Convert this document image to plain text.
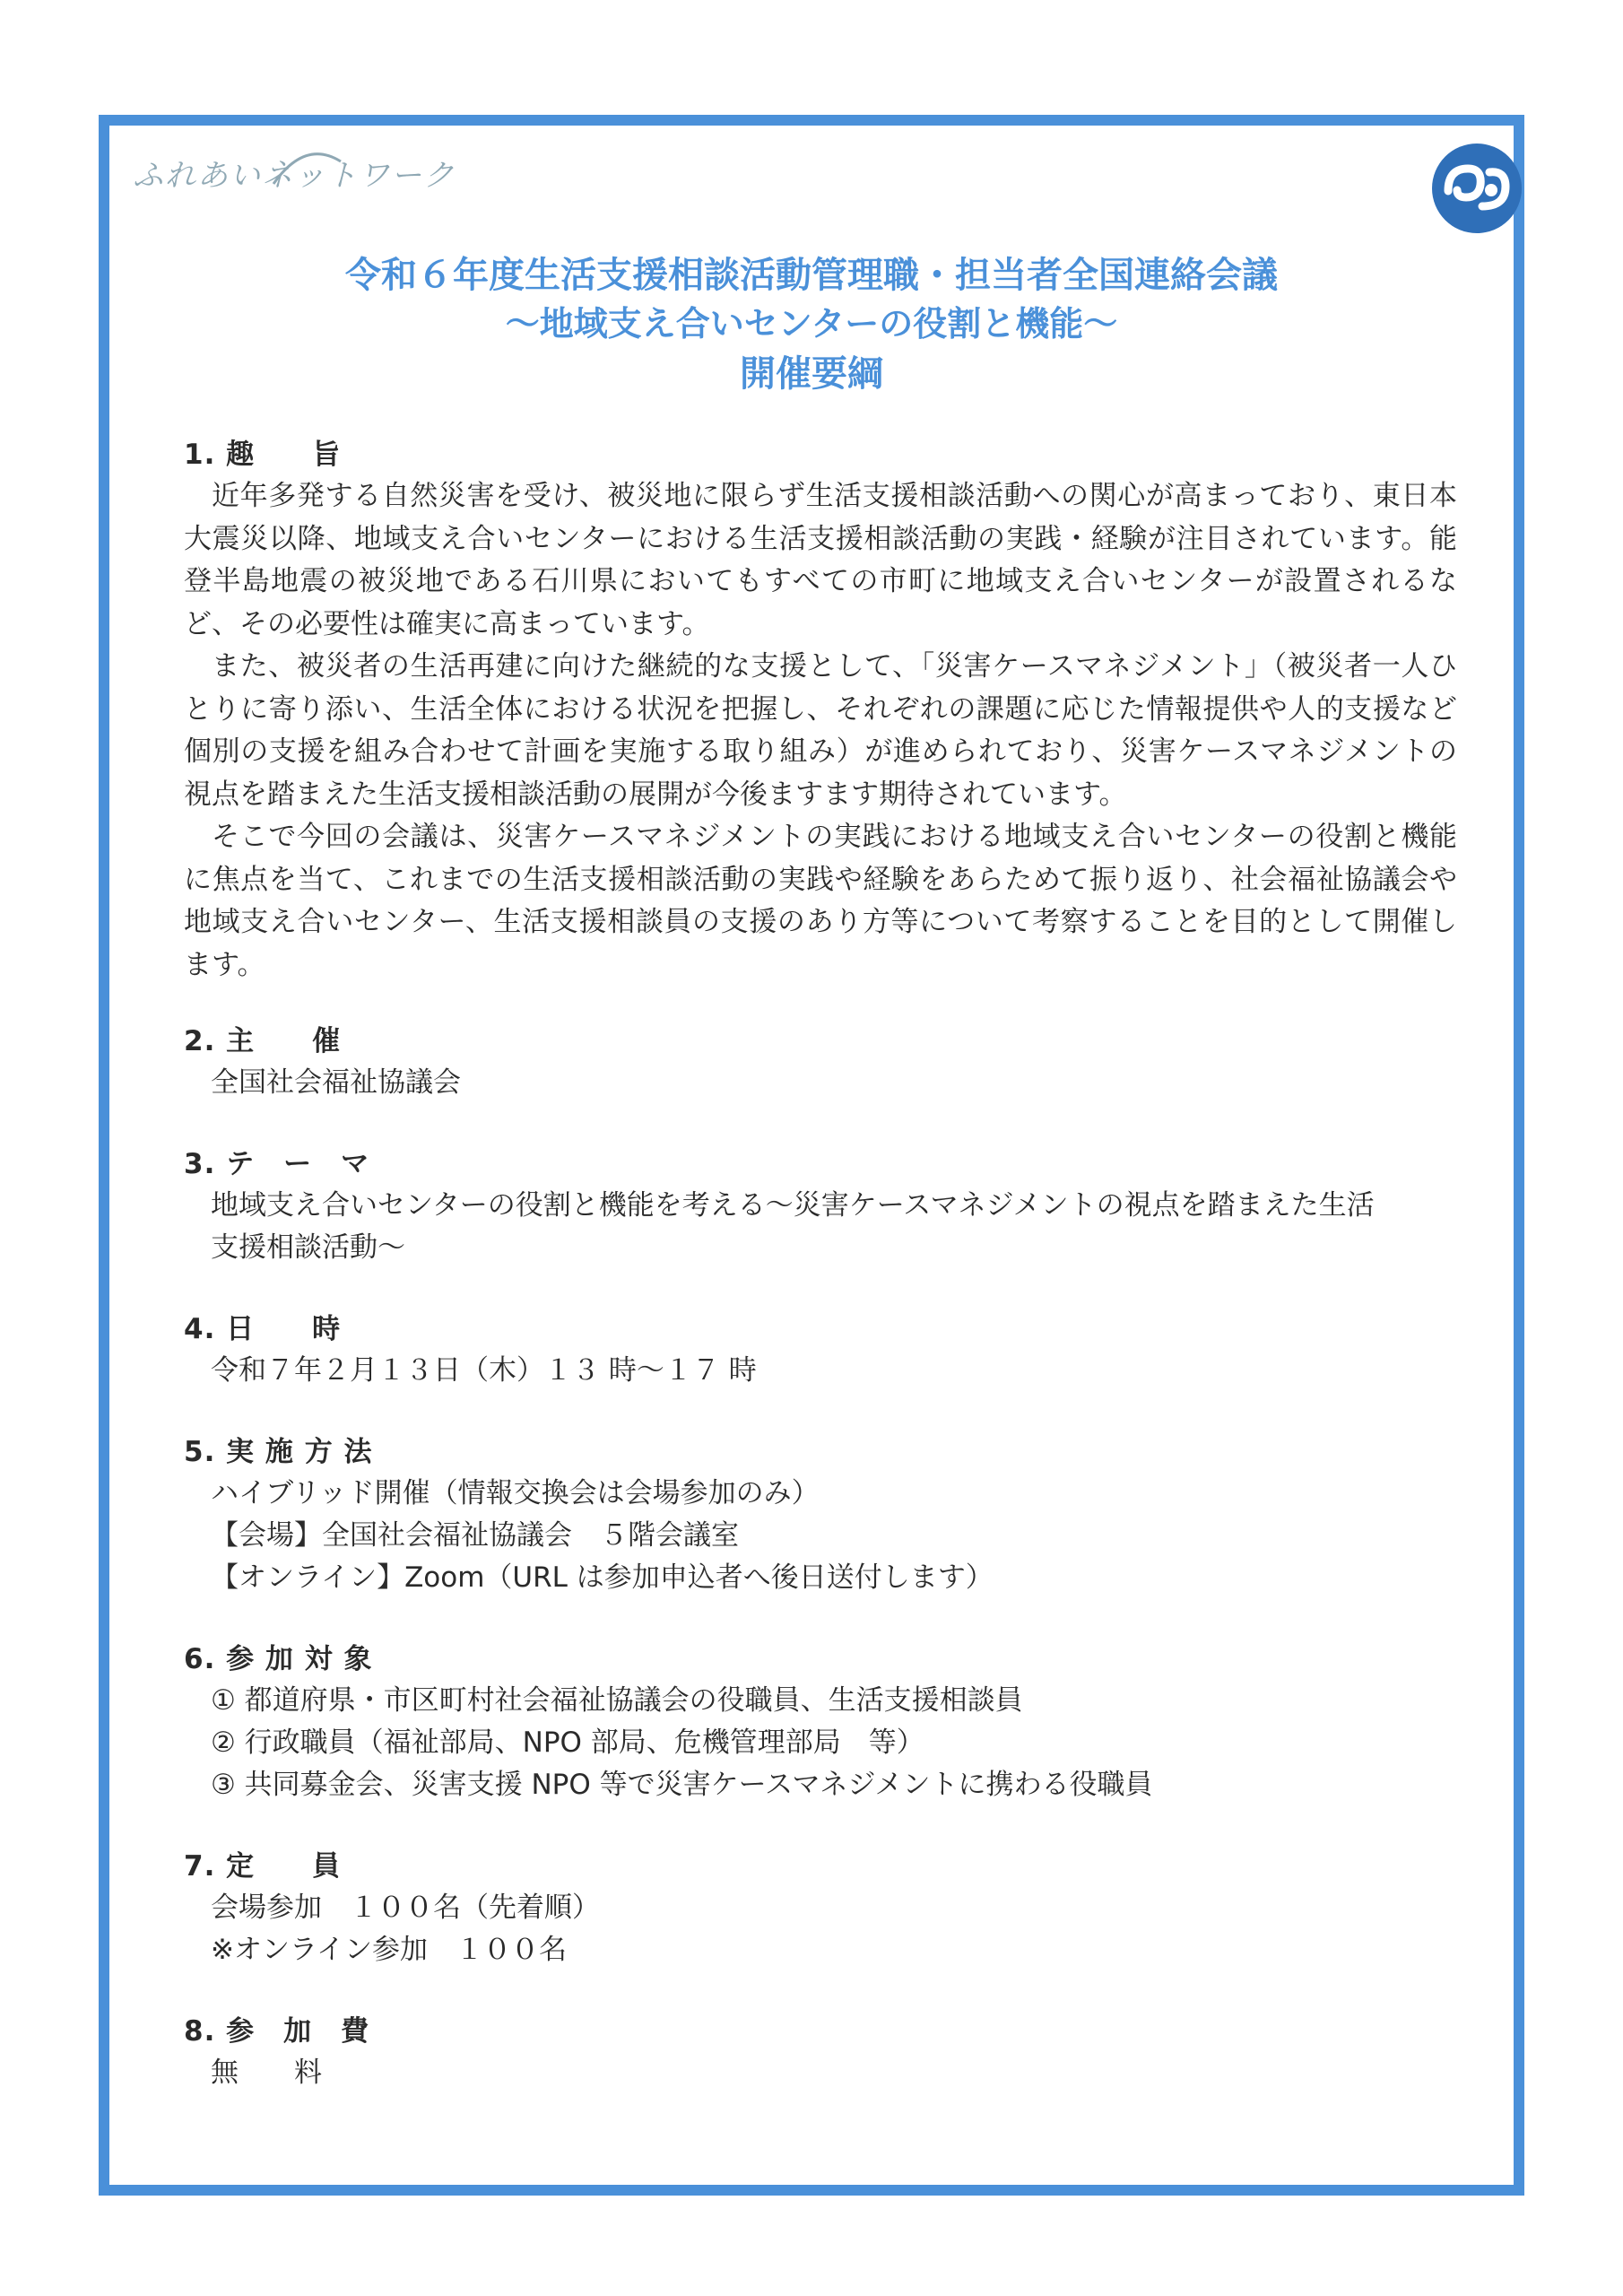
ふれあいネットワーク
令和６年度生活支援相談活動管理職・担当者全国連絡会議
～地域支え合いセンターの役割と機能～
開催要綱
1. 趣　　旨

近年多発する自然災害を受け、被災地に限らず生活支援相談活動への関心が高まっており、東日本大震災以降、地域支え合いセンターにおける生活支援相談活動の実践・経験が注目されています。能登半島地震の被災地である石川県においてもすべての市町に地域支え合いセンターが設置されるなど、その必要性は確実に高まっています。

また、被災者の生活再建に向けた継続的な支援として、「災害ケースマネジメント」（被災者一人ひとりに寄り添い、生活全体における状況を把握し、それぞれの課題に応じた情報提供や人的支援など個別の支援を組み合わせて計画を実施する取り組み）が進められており、災害ケースマネジメントの視点を踏まえた生活支援相談活動の展開が今後ますます期待されています。

そこで今回の会議は、災害ケースマネジメントの実践における地域支え合いセンターの役割と機能に焦点を当て、これまでの生活支援相談活動の実践や経験をあらためて振り返り、社会福祉協議会や地域支え合いセンター、生活支援相談員の支援のあり方等について考察することを目的として開催します。

2. 主　　催
全国社会福祉協議会
3. テ　ー　マ
地域支え合いセンターの役割と機能を考える～災害ケースマネジメントの視点を踏まえた生活
支援相談活動～
4. 日　　時
令和７年２月１３日（木）１３ 時～１７ 時
5. 実 施 方 法
ハイブリッド開催（情報交換会は会場参加のみ）
【会場】全国社会福祉協議会　５階会議室
【オンライン】Zoom（URL は参加申込者へ後日送付します）
6. 参 加 対 象
① 都道府県・市区町村社会福祉協議会の役職員、生活支援相談員
② 行政職員（福祉部局、NPO 部局、危機管理部局　等）
③ 共同募金会、災害支援 NPO 等で災害ケースマネジメントに携わる役職員
7. 定　　員
会場参加　１００名（先着順）
※オンライン参加　１００名
8. 参　加　費
無　　料
